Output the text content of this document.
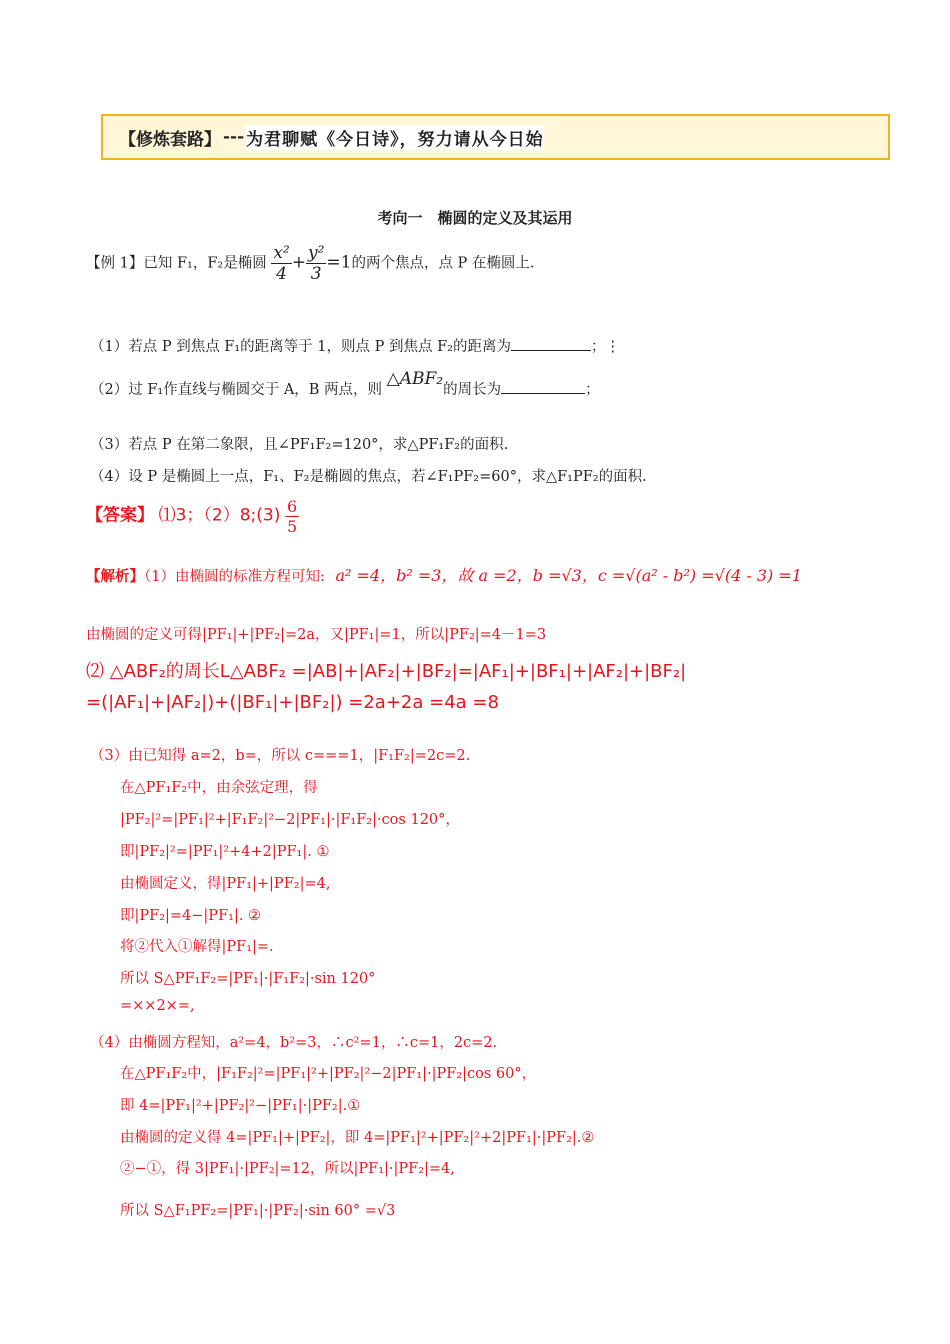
【修炼套路】 --- 为君聊赋《今日诗》，努力请从今日始
考向一　椭圆的定义及其运用
【例 1】已知 F₁，F₂是椭圆 $\frac{\text{x²}}{4} + \frac{\text{y²}}{3} =1$的两个焦点，点 P 在椭圆上.
（1）若点 P 到焦点 F₁的距离等于 1，则点 P 到焦点 F₂的距离为	；⋮
（2）过 F₁作直线与椭圆交于 A，B 两点，则 △ABF₂的周长为	；
（3）若点 P 在第二象限，且∠PF₁F₂=120°，求△PF₁F₂的面积.
（4）设 P 是椭圆上一点，F₁、F₂是椭圆的焦点，若∠F₁PF₂=60°，求△F₁PF₂的面积.
【答案】 ⑴3；（2）8;(3) $\frac{6}{5}$
【解析】（1）由椭圆的标准方程可知: a² =4，b² =3，故 a =2，b =√3，c =√(a² - b²) =√(4 - 3) =1
由椭圆的定义可得|PF₁|+|PF₂|=2a，又|PF₁|=1，所以|PF₂|=4－1=3
⑵ △ABF₂的周长L△ABF₂ =|AB|+|AF₂|+|BF₂|=|AF₁|+|BF₁|+|AF₂|+|BF₂|
=(|AF₁|+|AF₂|)+(|BF₁|+|BF₂|) =2a+2a =4a =8
（3）由已知得 a=2，b=，所以 c===1，|F₁F₂|=2c=2.
在△PF₁F₂中，由余弦定理，得
|PF₂|²=|PF₁|²+|F₁F₂|²−2|PF₁|·|F₁F₂|·cos 120°，
即|PF₂|²=|PF₁|²+4+2|PF₁|. ①
由椭圆定义，得|PF₁|+|PF₂|=4,
即|PF₂|=4−|PF₁|. ②
将②代入①解得|PF₁|=.
所以 S△PF₁F₂=|PF₁|·|F₁F₂|·sin 120°
=××2×=,
（4）由椭圆方程知，a²=4，b²=3，∴c²=1，∴c=1，2c=2.
在△PF₁F₂中，|F₁F₂|²=|PF₁|²+|PF₂|²−2|PF₁|·|PF₂|cos 60°，
即 4=|PF₁|²+|PF₂|²−|PF₁|·|PF₂|.①
由椭圆的定义得 4=|PF₁|+|PF₂|，即 4=|PF₁|²+|PF₂|²+2|PF₁|·|PF₂|.②
②−①，得 3|PF₁|·|PF₂|=12，所以|PF₁|·|PF₂|=4,
所以 S△F₁PF₂=|PF₁|·|PF₂|·sin 60° =√3
